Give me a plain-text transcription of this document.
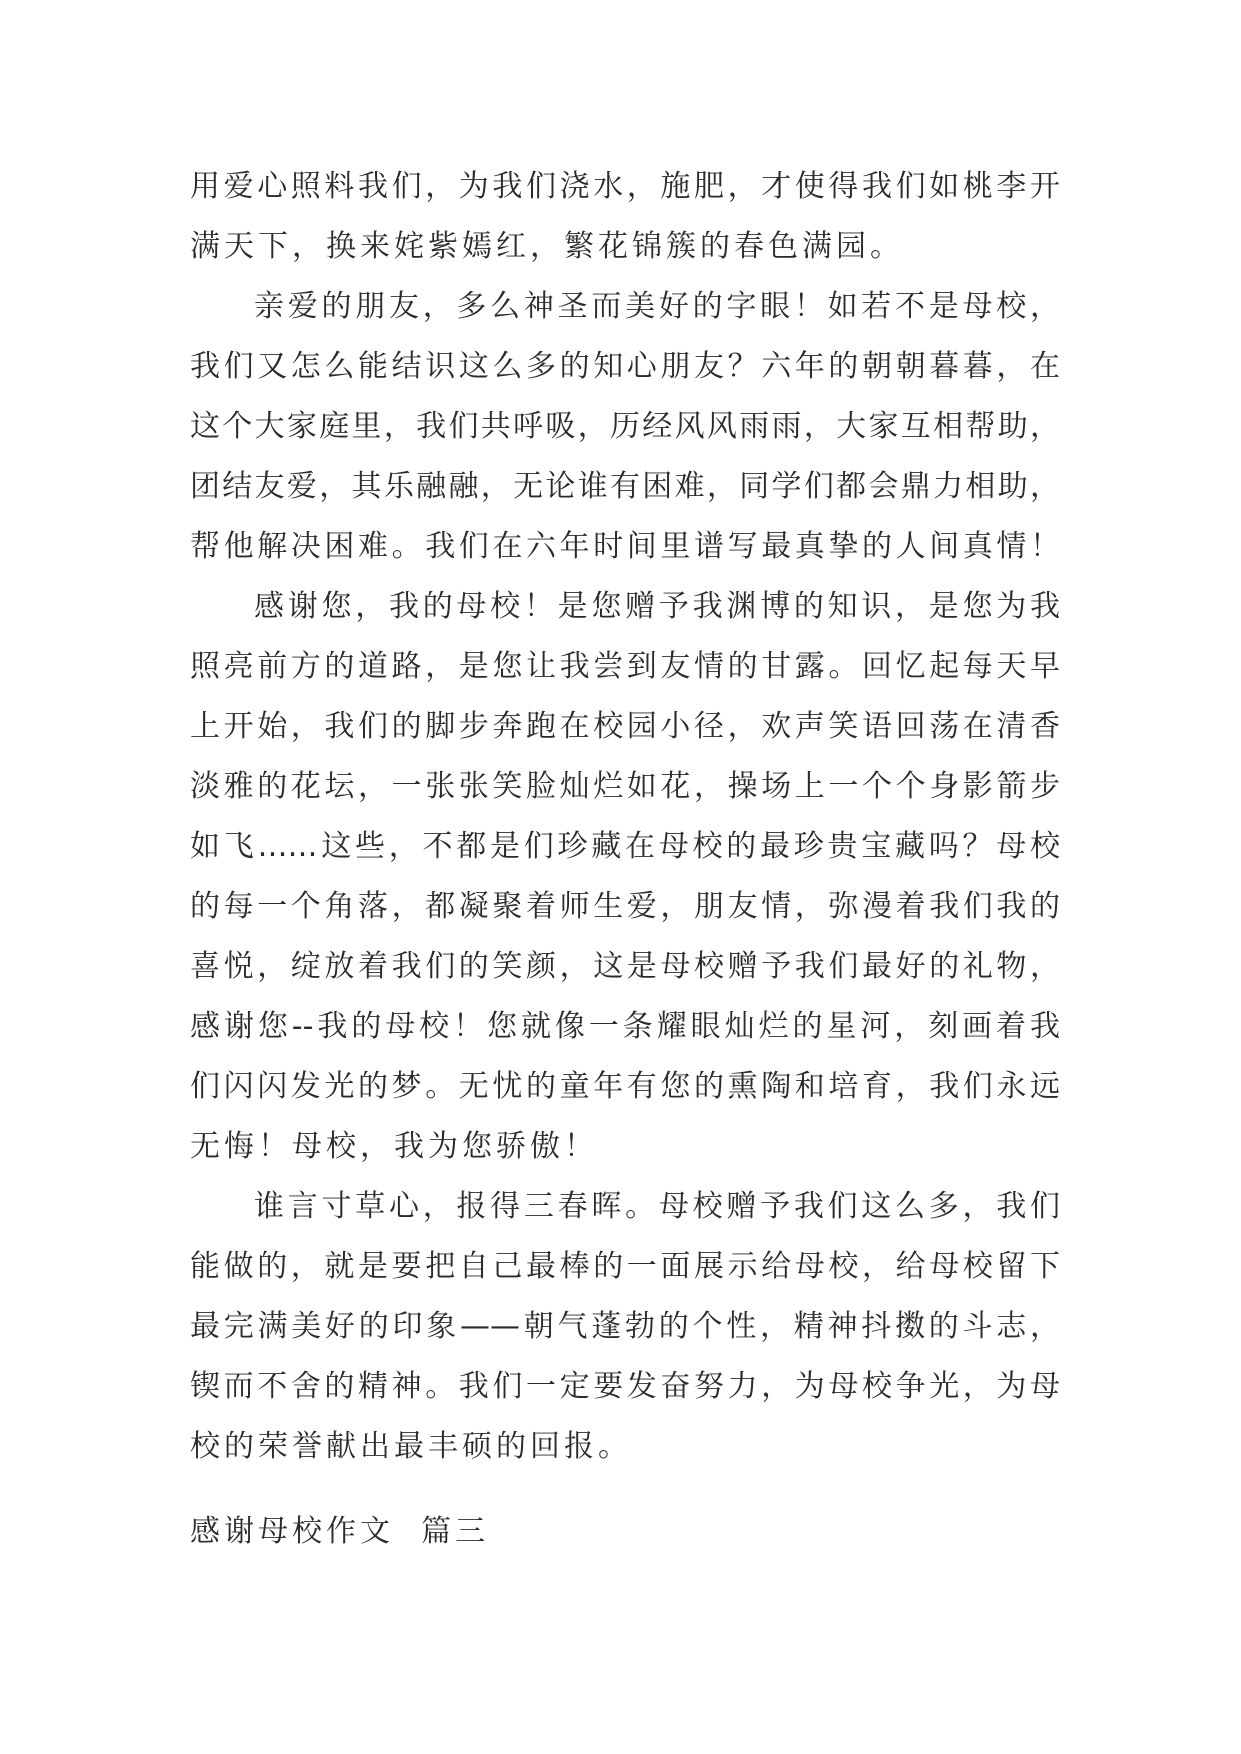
用爱心照料我们，为我们浇水，施肥，才使得我们如桃李开
满天下，换来姹紫嫣红，繁花锦簇的春色满园。
亲爱的朋友，多么神圣而美好的字眼！如若不是母校，
我们又怎么能结识这么多的知心朋友？六年的朝朝暮暮，在
这个大家庭里，我们共呼吸，历经风风雨雨，大家互相帮助，
团结友爱，其乐融融，无论谁有困难，同学们都会鼎力相助，
帮他解决困难。我们在六年时间里谱写最真挚的人间真情！
感谢您，我的母校！是您赠予我渊博的知识，是您为我
照亮前方的道路，是您让我尝到友情的甘露。回忆起每天早
上开始，我们的脚步奔跑在校园小径，欢声笑语回荡在清香
淡雅的花坛，一张张笑脸灿烂如花，操场上一个个身影箭步
如飞……这些，不都是们珍藏在母校的最珍贵宝藏吗？母校
的每一个角落，都凝聚着师生爱，朋友情，弥漫着我们我的
喜悦，绽放着我们的笑颜，这是母校赠予我们最好的礼物，
感谢您--我的母校！您就像一条耀眼灿烂的星河，刻画着我
们闪闪发光的梦。无忧的童年有您的熏陶和培育，我们永远
无悔！母校，我为您骄傲！
谁言寸草心，报得三春晖。母校赠予我们这么多，我们
能做的，就是要把自己最棒的一面展示给母校，给母校留下
最完满美好的印象——朝气蓬勃的个性，精神抖擞的斗志，
锲而不舍的精神。我们一定要发奋努力，为母校争光，为母
校的荣誉献出最丰硕的回报。
感谢母校作文  篇三
